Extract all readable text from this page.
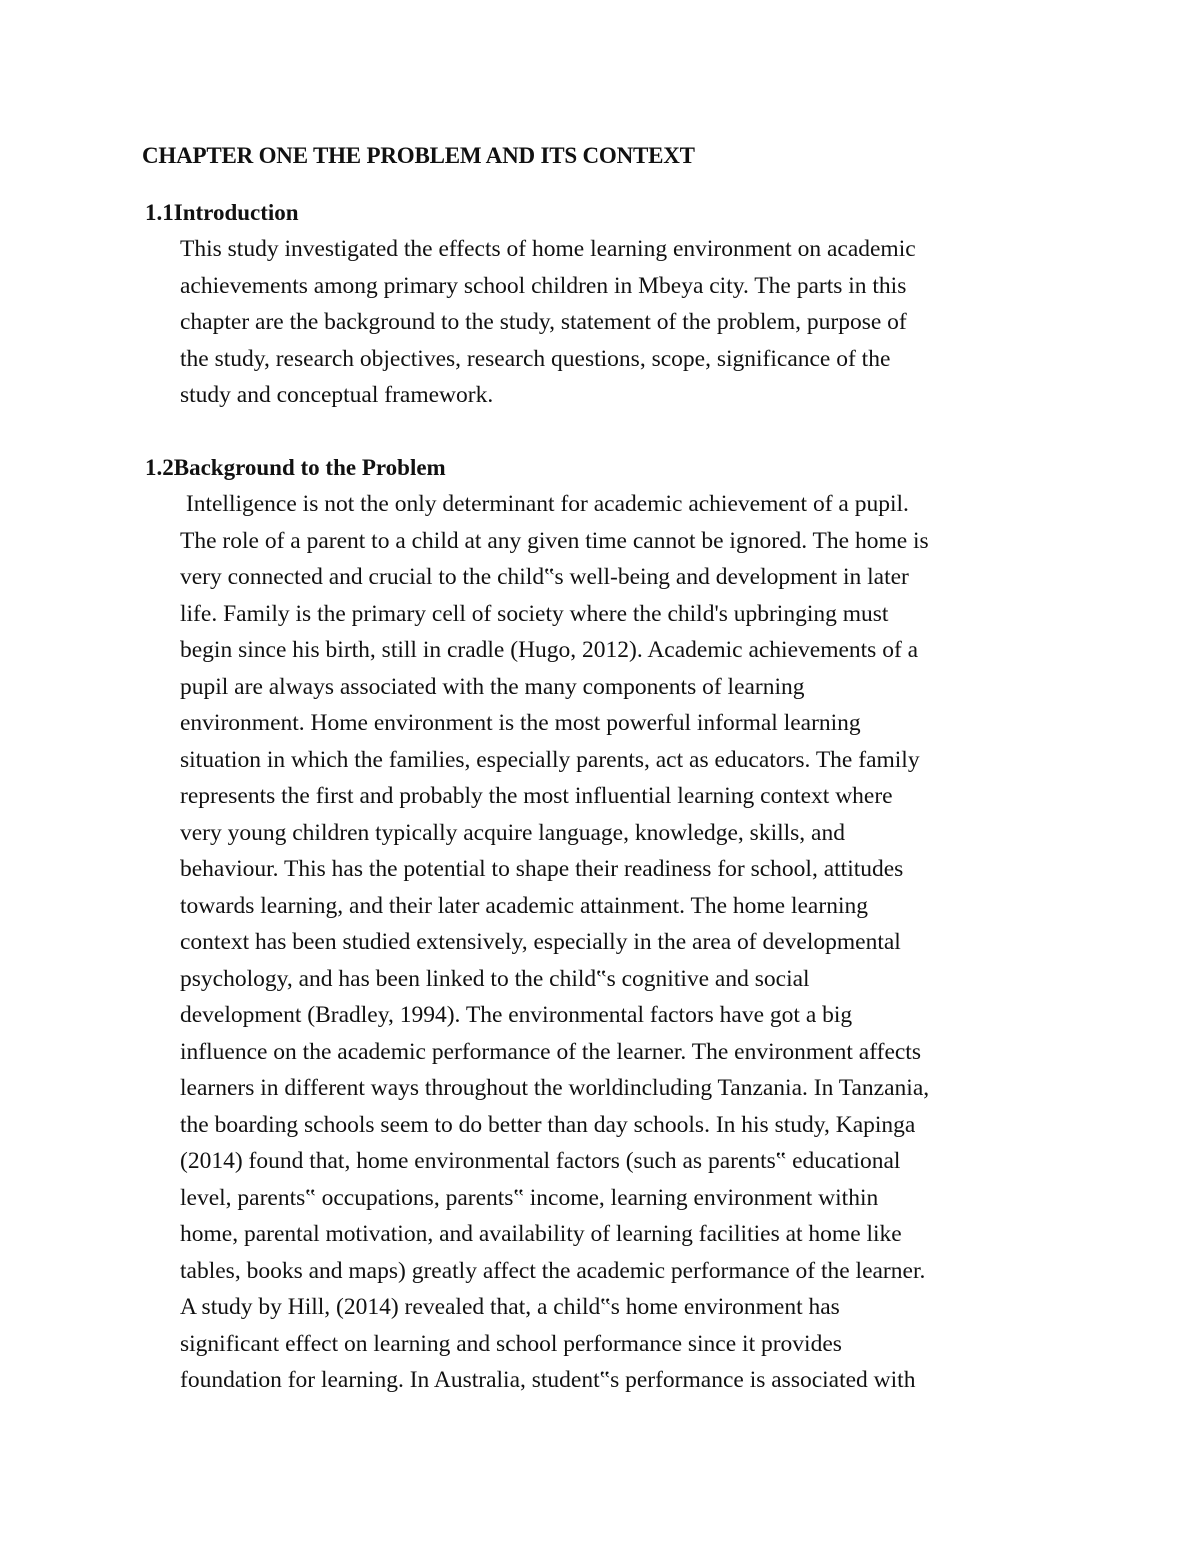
CHAPTER ONE THE PROBLEM AND ITS CONTEXT
1.1Introduction

This study investigated the effects of home learning environment on academic
achievements among primary school children in Mbeya city. The parts in this
chapter are the background to the study, statement of the problem, purpose of
the study, research objectives, research questions, scope, significance of the
study and conceptual framework.

1.2Background to the Problem

Intelligence is not the only determinant for academic achievement of a pupil.
The role of a parent to a child at any given time cannot be ignored. The home is
very connected and crucial to the child‟s well-being and development in later
life. Family is the primary cell of society where the child's upbringing must
begin since his birth, still in cradle (Hugo, 2012). Academic achievements of a
pupil are always associated with the many components of learning
environment. Home environment is the most powerful informal learning
situation in which the families, especially parents, act as educators. The family
represents the first and probably the most influential learning context where
very young children typically acquire language, knowledge, skills, and
behaviour. This has the potential to shape their readiness for school, attitudes
towards learning, and their later academic attainment. The home learning
context has been studied extensively, especially in the area of developmental
psychology, and has been linked to the child‟s cognitive and social
development (Bradley, 1994). The environmental factors have got a big
influence on the academic performance of the learner. The environment affects
learners in different ways throughout the worldincluding Tanzania. In Tanzania,
the boarding schools seem to do better than day schools. In his study, Kapinga
(2014) found that, home environmental factors (such as parents‟ educational
level, parents‟ occupations, parents‟ income, learning environment within
home, parental motivation, and availability of learning facilities at home like
tables, books and maps) greatly affect the academic performance of the learner.
A study by Hill, (2014) revealed that, a child‟s home environment has
significant effect on learning and school performance since it provides
foundation for learning. In Australia, student‟s performance is associated with
